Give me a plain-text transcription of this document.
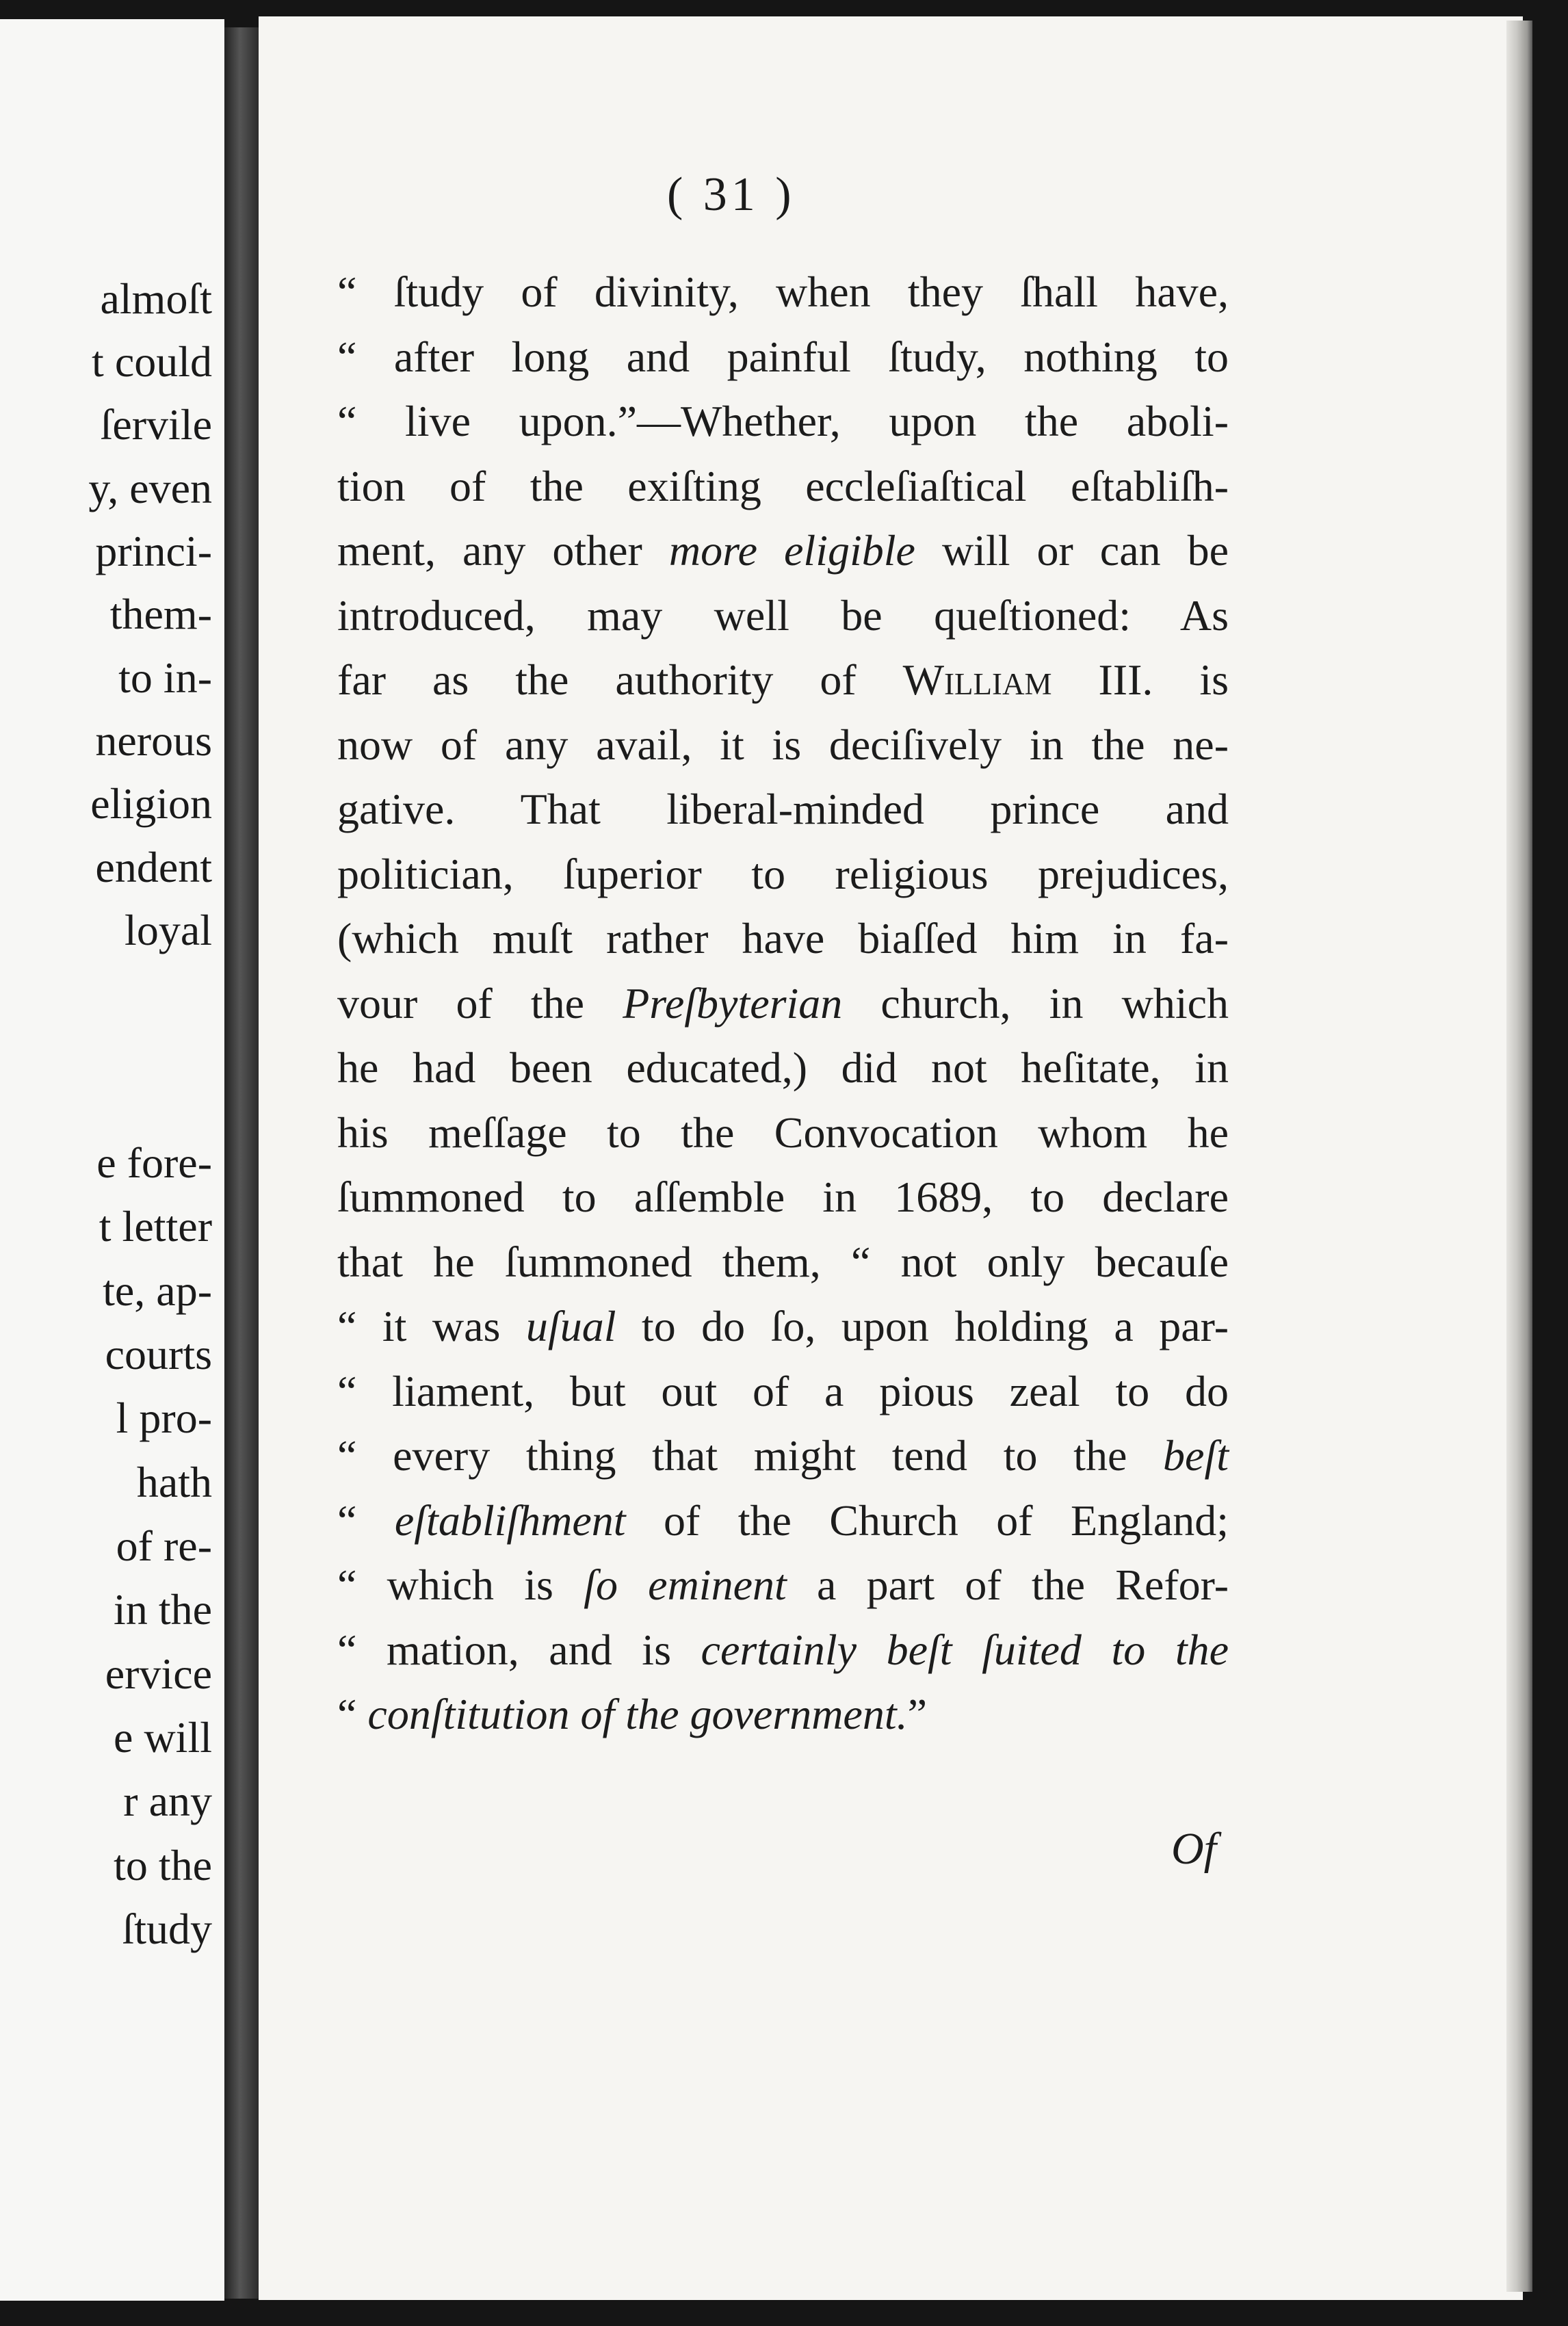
almoſt
t could
ſervile
y, even
princi-
them-
to in-
nerous
eligion
endent
loyal
e fore-
t letter
te, ap-
courts
l pro-
hath
of re-
in the
ervice
e will
r any
to the
ſtudy
( 31 )
“ ſtudy of divinity, when they ſhall have,
“ after long and painful ſtudy, nothing to
“ live upon.”—Whether, upon the aboli-
tion of the exiſting eccleſiaſtical eſtabliſh-
ment, any other more eligible will or can be
introduced, may well be queſtioned: As
far as the authority of William III. is
now of any avail, it is deciſively in the ne-
gative. That liberal-minded prince and
politician, ſuperior to religious prejudices,
(which muſt rather have biaſſed him in fa-
vour of the Preſbyterian church, in which
he had been educated,) did not heſitate, in
his meſſage to the Convocation whom he
ſummoned to aſſemble in 1689, to declare
that he ſummoned them, “ not only becauſe
“ it was uſual to do ſo, upon holding a par-
“ liament, but out of a pious zeal to do
“ every thing that might tend to the beſt
“ eſtabliſhment of the Church of England;
“ which is ſo eminent a part of the Refor-
“ mation, and is certainly beſt ſuited to the
“ conſtitution of the government.”
Of
